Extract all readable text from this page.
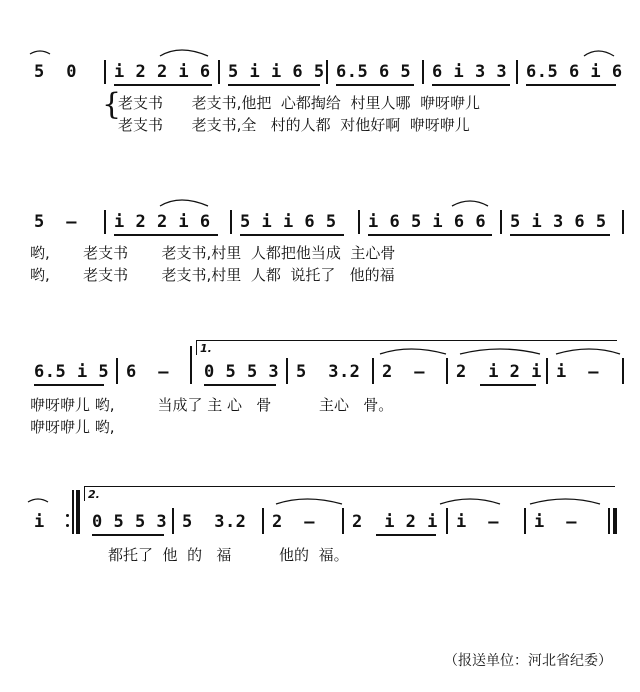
5  0 i 2 2 i 6 5 i i 6 5 6.5 6 5 6 i 3 3 6.5 6 i 6
{
老支书      老支书,他把  心都掏给  村里人哪  咿呀咿儿
老支书      老支书,全   村的人都  对他好啊  咿呀咿儿
5  – i 2 2 i 6 5 i i 6 5 i 6 5 i 6 6 5 i 3 6 5
哟,       老支书       老支书,村里  人都把他当成  主心骨
哟,       老支书       老支书,村里  人都  说托了   他的福
6.5 i 5 6  –
1.
0 5 5 3 5  3.2 2  – 2  i 2 i i  –
咿呀咿儿 哟,         当成了 主 心   骨          主心   骨。
咿呀咿儿 哟,
i
2.
0 5 5 3 5  3.2 2  – 2  i 2 i i  – i  –
都托了  他  的   福          他的  福。
（报送单位：河北省纪委）
